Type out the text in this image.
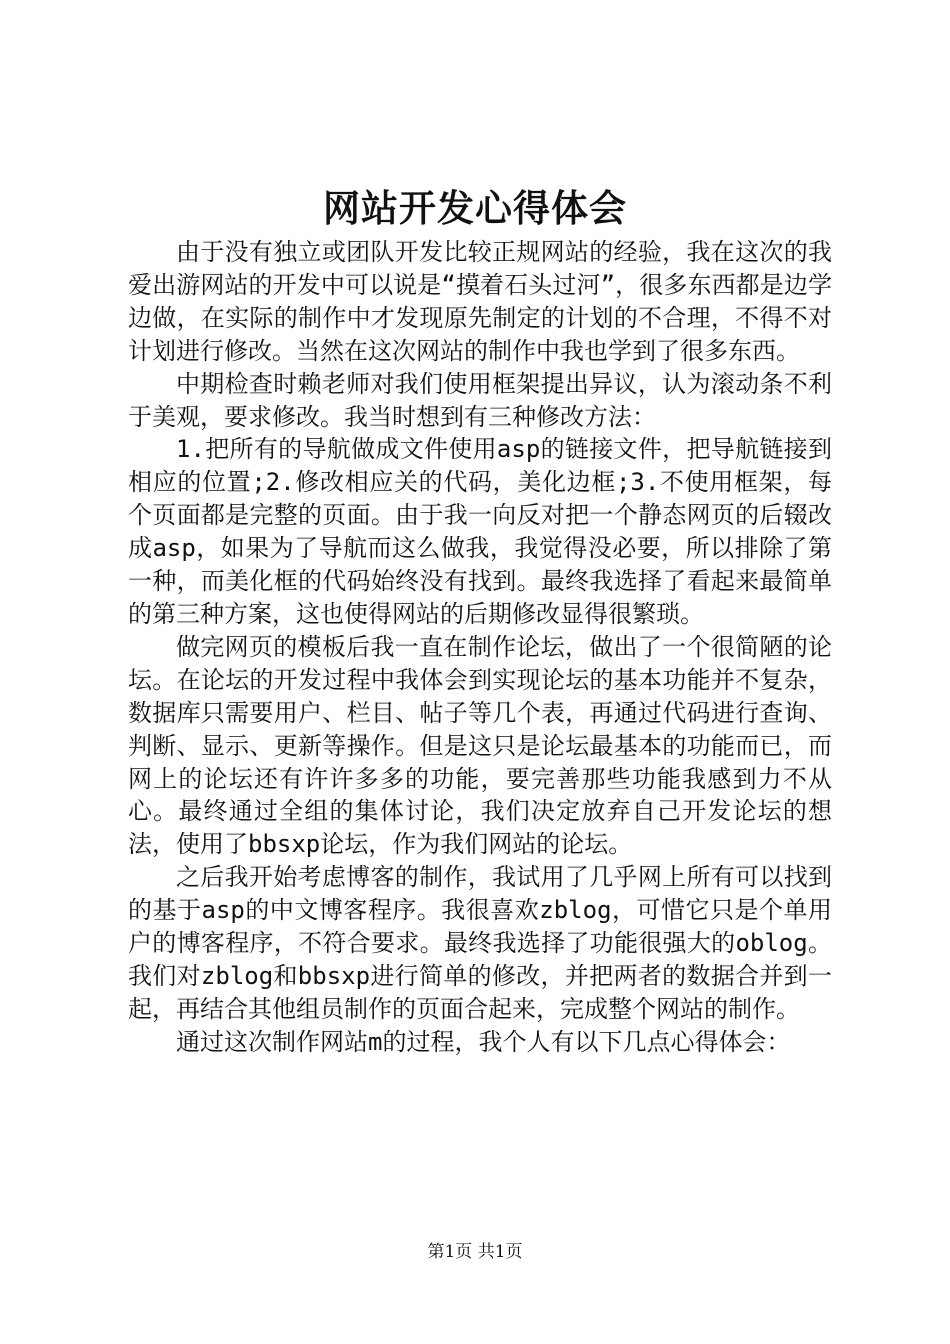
网站开发心得体会

由于没有独立或团队开发比较正规网站的经验，我在这次的我爱出游网站的开发中可以说是“摸着石头过河”，很多东西都是边学边做，在实际的制作中才发现原先制定的计划的不合理，不得不对计划进行修改。当然在这次网站的制作中我也学到了很多东西。

中期检查时赖老师对我们使用框架提出异议，认为滚动条不利于美观，要求修改。我当时想到有三种修改方法：

1.把所有的导航做成文件使用asp的链接文件，把导航链接到相应的位置;2.修改相应关的代码，美化边框;3.不使用框架，每个页面都是完整的页面。由于我一向反对把一个静态网页的后辍改成asp，如果为了导航而这么做我，我觉得没必要，所以排除了第一种，而美化框的代码始终没有找到。最终我选择了看起来最简单的第三种方案，这也使得网站的后期修改显得很繁琐。

做完网页的模板后我一直在制作论坛，做出了一个很简陋的论坛。在论坛的开发过程中我体会到实现论坛的基本功能并不复杂，数据库只需要用户、栏目、帖子等几个表，再通过代码进行查询、判断、显示、更新等操作。但是这只是论坛最基本的功能而已，而网上的论坛还有许许多多的功能，要完善那些功能我感到力不从心。最终通过全组的集体讨论，我们决定放弃自己开发论坛的想法，使用了bbsxp论坛，作为我们网站的论坛。

之后我开始考虑博客的制作，我试用了几乎网上所有可以找到的基于asp的中文博客程序。我很喜欢zblog，可惜它只是个单用户的博客程序，不符合要求。最终我选择了功能很强大的oblog。我们对zblog和bbsxp进行简单的修改，并把两者的数据合并到一起，再结合其他组员制作的页面合起来，完成整个网站的制作。

通过这次制作网站m的过程，我个人有以下几点心得体会：

第1页 共1页
